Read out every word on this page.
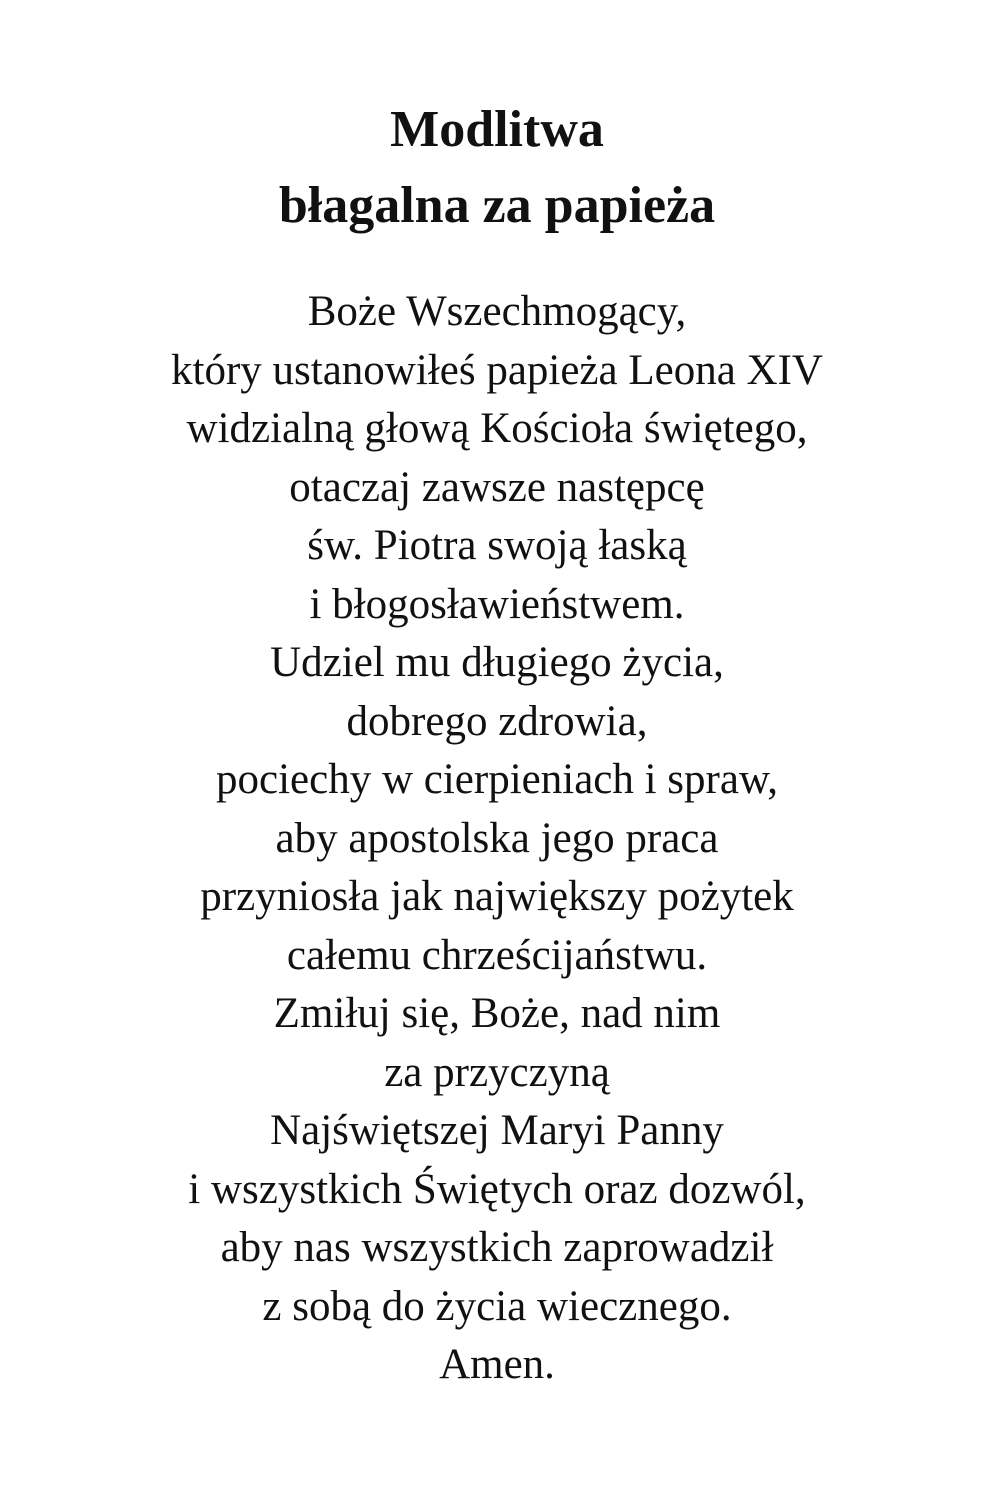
Modlitwa
błagalna za papieża
Boże Wszechmogący,
który ustanowiłeś papieża Leona XIV
widzialną głową Kościoła świętego,
otaczaj zawsze następcę
św. Piotra swoją łaską
i błogosławieństwem.
Udziel mu długiego życia,
dobrego zdrowia,
pociechy w cierpieniach i spraw,
aby apostolska jego praca
przyniosła jak największy pożytek
całemu chrześcijaństwu.
Zmiłuj się, Boże, nad nim
za przyczyną
Najświętszej Maryi Panny
i wszystkich Świętych oraz dozwól,
aby nas wszystkich zaprowadził
z sobą do życia wiecznego.
Amen.
